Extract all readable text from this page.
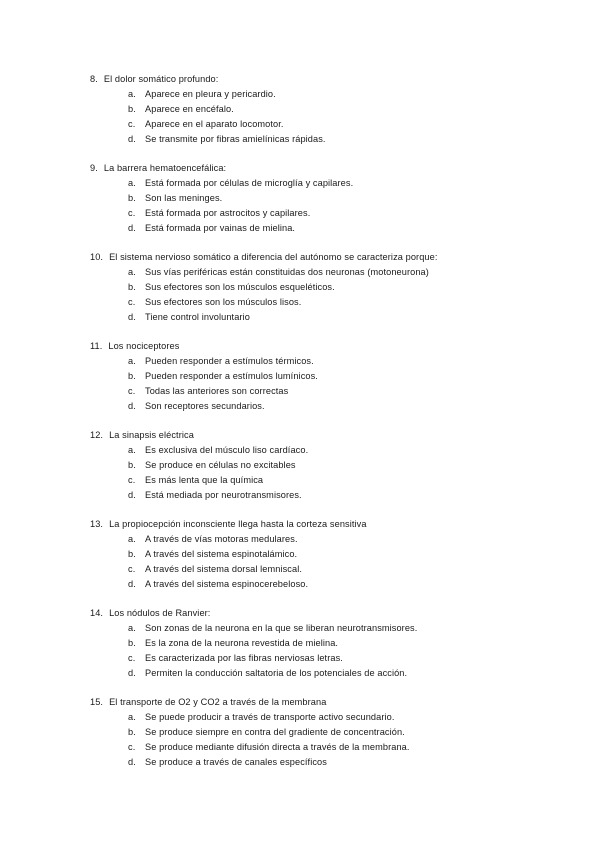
8. El dolor somático profundo:
a. Aparece en pleura y pericardio.
b. Aparece en encéfalo.
c. Aparece en el aparato locomotor.
d. Se transmite por fibras amielínicas rápidas.
9. La barrera hematoencefálica:
a. Está formada por células de microglía y capilares.
b. Son las meninges.
c. Está formada por astrocitos y capilares.
d. Está formada por vainas de mielina.
10. El sistema nervioso somático a diferencia del autónomo se caracteriza porque:
a. Sus vías periféricas están constituidas dos neuronas (motoneurona)
b. Sus efectores son los músculos esqueléticos.
c. Sus efectores son los músculos lisos.
d. Tiene control involuntario
11. Los nociceptores
a. Pueden responder a estímulos térmicos.
b. Pueden responder a estímulos lumínicos.
c. Todas las anteriores son correctas
d. Son receptores secundarios.
12. La sinapsis eléctrica
a. Es exclusiva del músculo liso cardíaco.
b. Se produce en células no excitables
c. Es más lenta que la química
d. Está mediada por neurotransmisores.
13. La propiocepción inconsciente llega hasta la corteza sensitiva
a. A través de vías motoras medulares.
b. A través del sistema espinotalámico.
c. A través del sistema dorsal lemniscal.
d. A través del sistema espinocerebeloso.
14. Los nódulos de Ranvier:
a. Son zonas de la neurona en la que se liberan neurotransmisores.
b. Es la zona de la neurona revestida de mielina.
c. Es caracterizada por las fibras nerviosas letras.
d. Permiten la conducción saltatoria de los potenciales de acción.
15. El transporte de O2 y CO2 a través de la membrana
a. Se puede producir a través de transporte activo secundario.
b. Se produce siempre en contra del gradiente de concentración.
c. Se produce mediante difusión directa a través de la membrana.
d. Se produce a través de canales específicos
